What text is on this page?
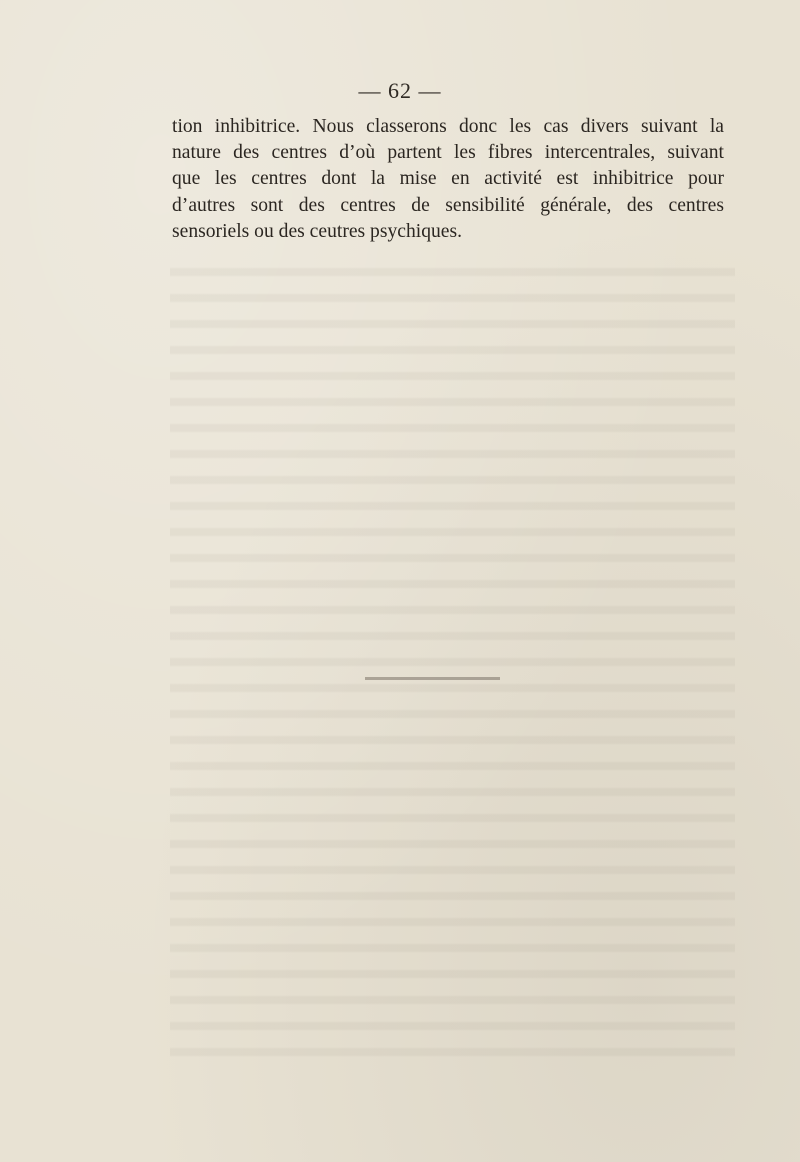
— 62 —
tion inhibitrice. Nous classerons donc les cas divers suivant la
nature des centres d’où partent les fibres intercentrales, suivant
que les centres dont la mise en activité est inhibitrice pour
d’autres sont des centres de sensibilité générale, des centres
sensoriels ou des ceutres psychiques.
